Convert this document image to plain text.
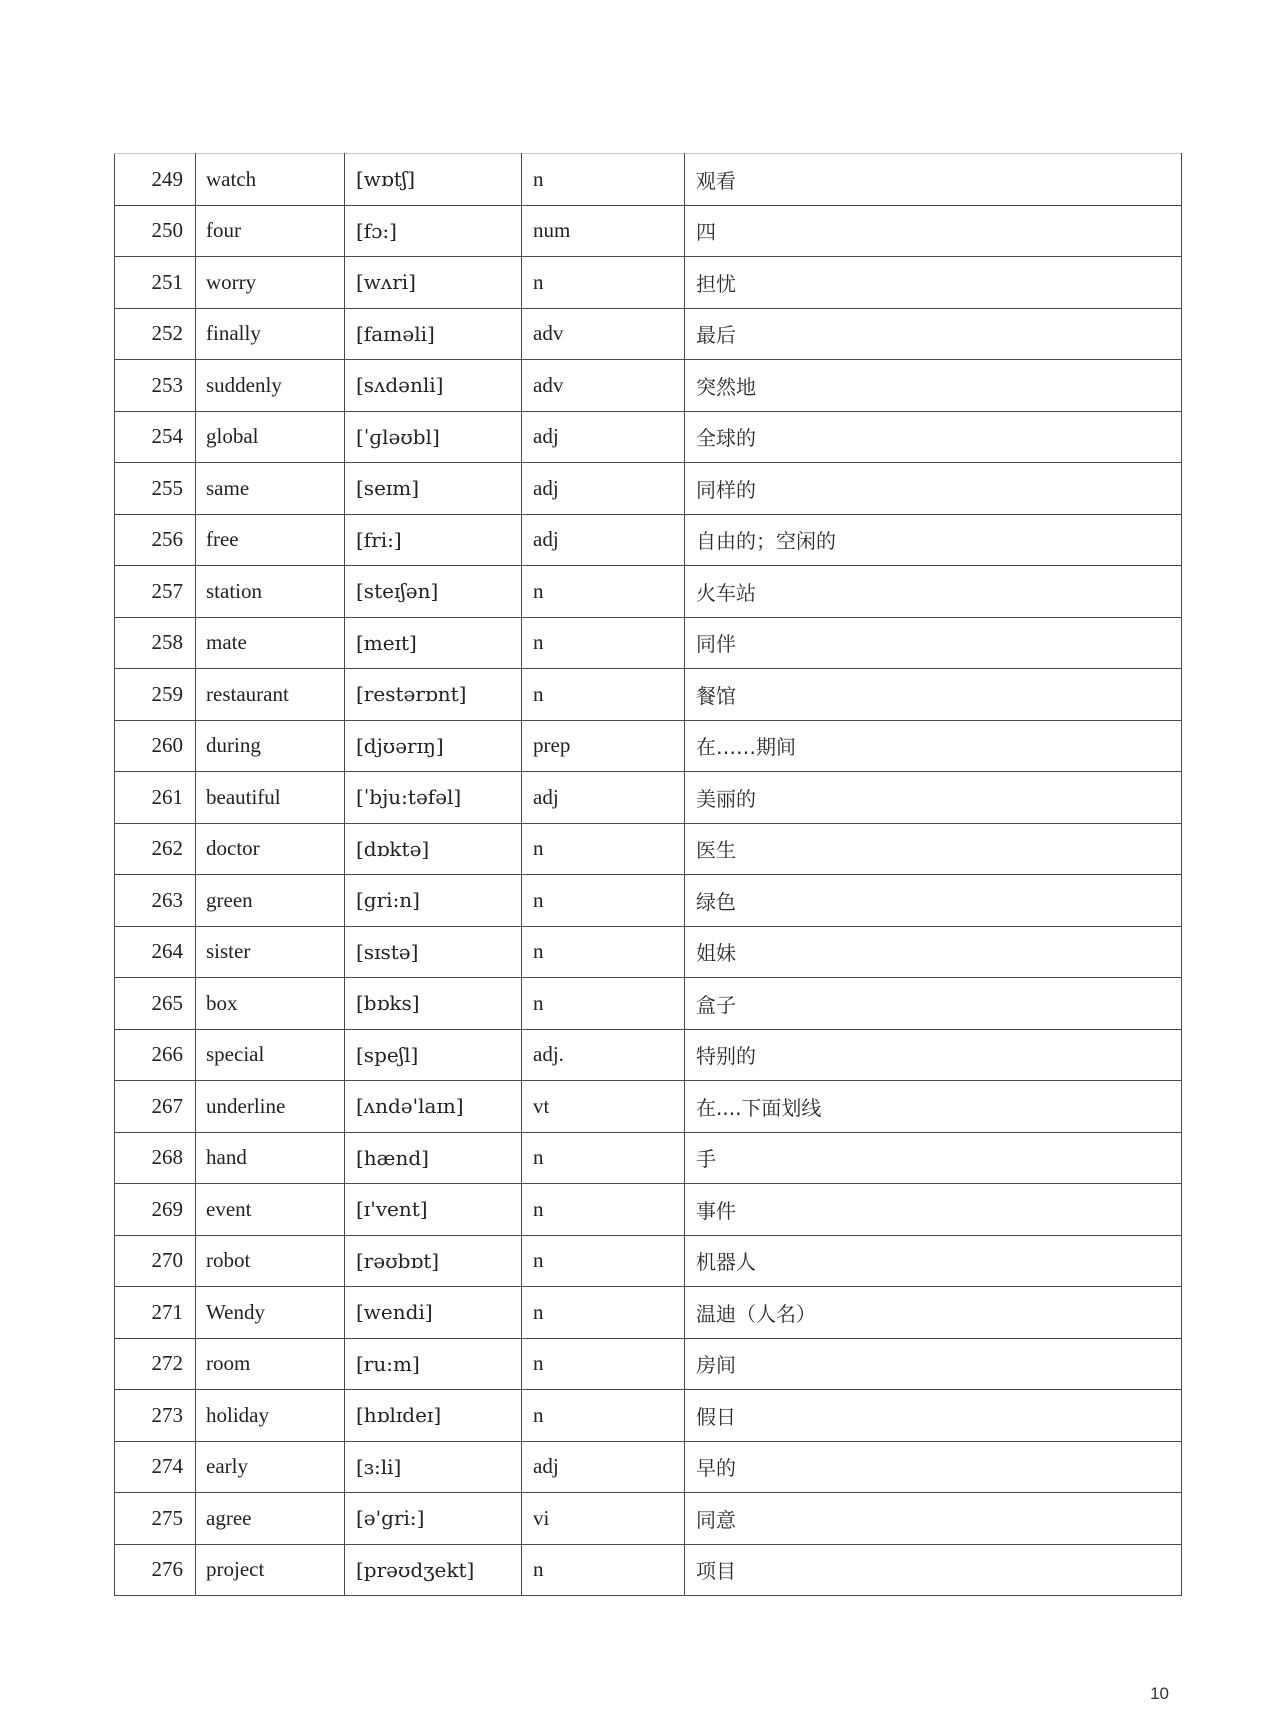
249	watch	[wɒtʃ]	n	观看
250	four	[fɔ:]	num	四
251	worry	[wʌri]	n	担忧
252	finally	[faɪnəli]	adv	最后
253	suddenly	[sʌdənli]	adv	突然地
254	global	[ˈɡləʊbl]	adj	全球的
255	same	[seɪm]	adj	同样的
256	free	[fri:]	adj	自由的；空闲的
257	station	[steɪʃən]	n	火车站
258	mate	[meɪt]	n	同伴
259	restaurant	[restərɒnt]	n	餐馆
260	during	[djʊərɪŋ]	prep	在……期间
261	beautiful	[ˈbju:təfəl]	adj	美丽的
262	doctor	[dɒktə]	n	医生
263	green	[gri:n]	n	绿色
264	sister	[sɪstə]	n	姐妹
265	box	[bɒks]	n	盒子
266	special	[speʃl]	adj.	特别的
267	underline	[ʌndə'laɪn]	vt	在....下面划线
268	hand	[hænd]	n	手
269	event	[ɪ'vent]	n	事件
270	robot	[rəʊbɒt]	n	机器人
271	Wendy	[wendi]	n	温迪（人名）
272	room	[ru:m]	n	房间
273	holiday	[hɒlɪdeɪ]	n	假日
274	early	[ɜ:li]	adj	早的
275	agree	[ə'gri:]	vi	同意
276	project	[prəʊdʒekt]	n	项目
10
